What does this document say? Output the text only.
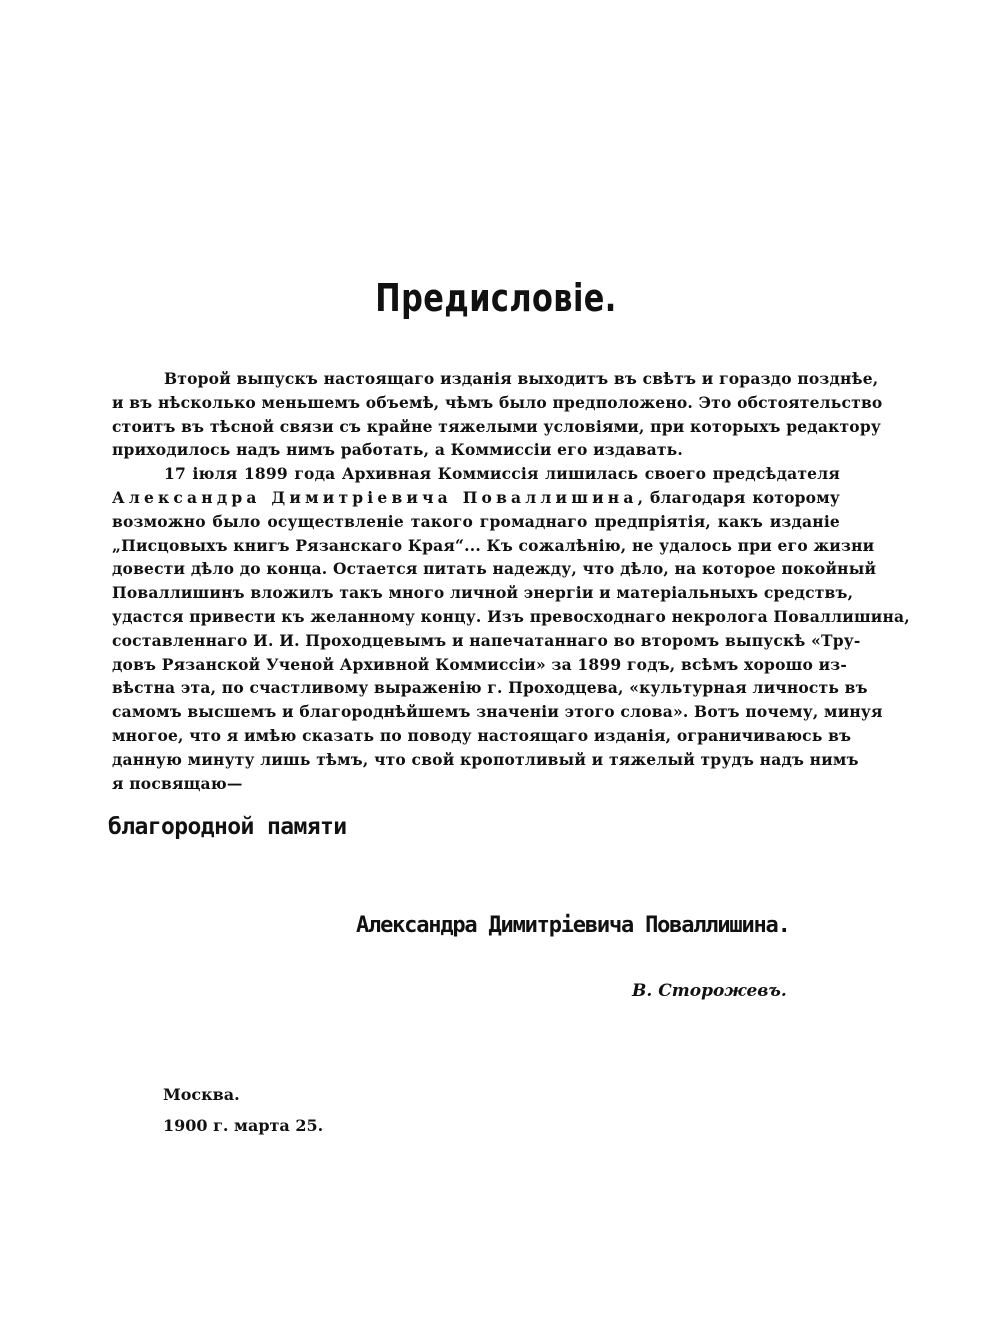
Предисловіе.
Второй выпускъ настоящаго изданія выходитъ въ свѣтъ и гораздо позднѣе,
и въ нѣсколько меньшемъ объемѣ, чѣмъ было предположено. Это обстоятельство
стоитъ въ тѣсной связи съ крайне тяжелыми условіями, при которыхъ редактору
приходилось надъ нимъ работать, а Коммиссіи его издавать.
17 іюля 1899 года Архивная Коммиссія лишилась своего предсѣдателя
Александра Димитріевича Поваллишина, благодаря которому
возможно было осуществленіе такого громаднаго предпріятія, какъ изданіе
„Писцовыхъ книгъ Рязанскаго Края“... Къ сожалѣнію, не удалось при его жизни
довести дѣло до конца. Остается питать надежду, что дѣло, на которое покойный
Поваллишинъ вложилъ такъ много личной энергіи и матеріальныхъ средствъ,
удастся привести къ желанному концу. Изъ превосходнаго некролога Поваллишина,
составленнаго И. И. Проходцевымъ и напечатаннаго во второмъ выпускѣ «Тру-
довъ Рязанской Ученой Архивной Коммиссіи» за 1899 годъ, всѣмъ хорошо из-
вѣстна эта, по счастливому выраженію г. Проходцева, «культурная личность въ
самомъ высшемъ и благороднѣйшемъ значеніи этого слова». Вотъ почему, минуя
многое, что я имѣю сказать по поводу настоящаго изданія, ограничиваюсь въ
данную минуту лишь тѣмъ, что свой кропотливый и тяжелый трудъ надъ нимъ
я посвящаю—
благородной памяти
Александра Димитріевича Поваллишина.
В. Сторожевъ.
Москва.
1900 г. марта 25.
